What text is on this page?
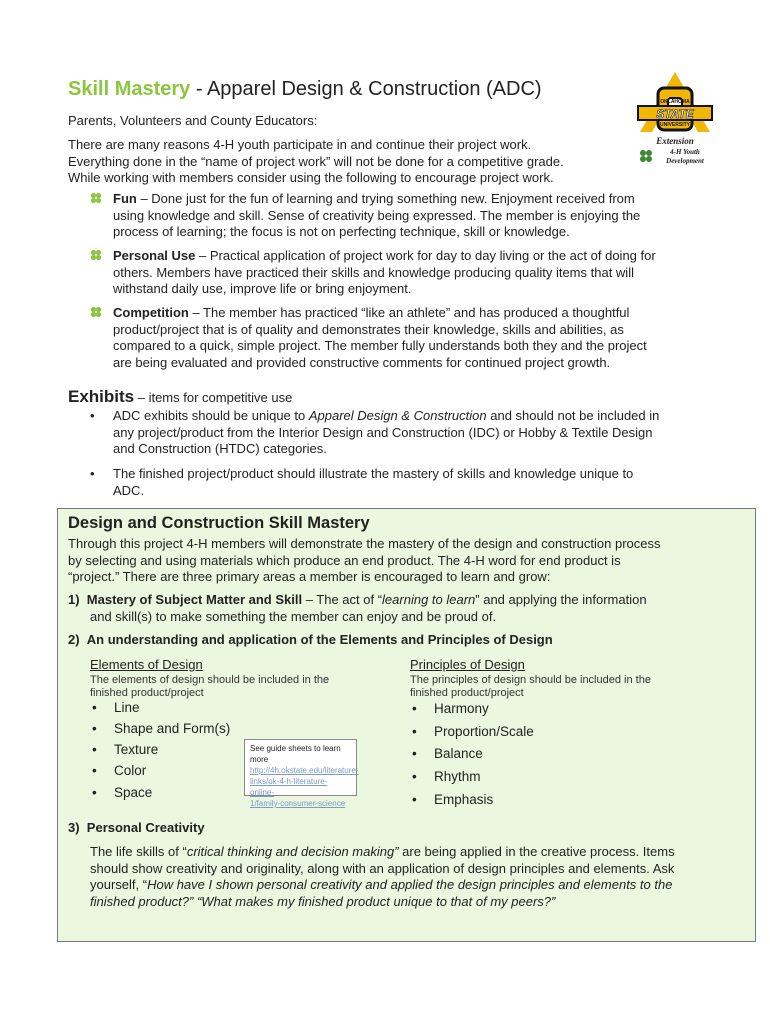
Skill Mastery - Apparel Design & Construction (ADC)
OKLAHOMA
STATE
UNIVERSITY
Extension
4-H Youth
Development
Parents, Volunteers and County Educators:
There are many reasons 4-H youth participate in and continue their project work.
Everything done in the “name of project work” will not be done for a competitive grade.
While working with members consider using the following to encourage project work.
Fun – Done just for the fun of learning and trying something new. Enjoyment received from
using knowledge and skill. Sense of creativity being expressed. The member is enjoying the
process of learning; the focus is not on perfecting technique, skill or knowledge.
Personal Use – Practical application of project work for day to day living or the act of doing for
others. Members have practiced their skills and knowledge producing quality items that will
withstand daily use, improve life or bring enjoyment.
Competition – The member has practiced “like an athlete” and has produced a thoughtful
product/project that is of quality and demonstrates their knowledge, skills and abilities, as
compared to a quick, simple project. The member fully understands both they and the project
are being evaluated and provided constructive comments for continued project growth.
Exhibits – items for competitive use
•	ADC exhibits should be unique to Apparel Design & Construction and should not be included in
any project/product from the Interior Design and Construction (IDC) or Hobby & Textile Design
and Construction (HTDC) categories.
•	The finished project/product should illustrate the mastery of skills and knowledge unique to
ADC.
Design and Construction Skill Mastery
Through this project 4-H members will demonstrate the mastery of the design and construction process
by selecting and using materials which produce an end product. The 4-H word for end product is
“project.” There are three primary areas a member is encouraged to learn and grow:
1) Mastery of Subject Matter and Skill – The act of “learning to learn” and applying the information
and skill(s) to make something the member can enjoy and be proud of.
2) An understanding and application of the Elements and Principles of Design
Elements of Design
The elements of design should be included in the
finished product/project
• Line
• Shape and Form(s)
• Texture
• Color
• Space
See guide sheets to learn more
http://4h.okstate.edu/literature-
links/ok-4-h-literature-online-
1/family-consumer-science
Principles of Design
The principles of design should be included in the
finished product/project
• Harmony
• Proportion/Scale
• Balance
• Rhythm
• Emphasis
3) Personal Creativity
The life skills of “critical thinking and decision making” are being applied in the creative process. Items
should show creativity and originality, along with an application of design principles and elements. Ask
yourself, “How have I shown personal creativity and applied the design principles and elements to the
finished product?” “What makes my finished product unique to that of my peers?”
